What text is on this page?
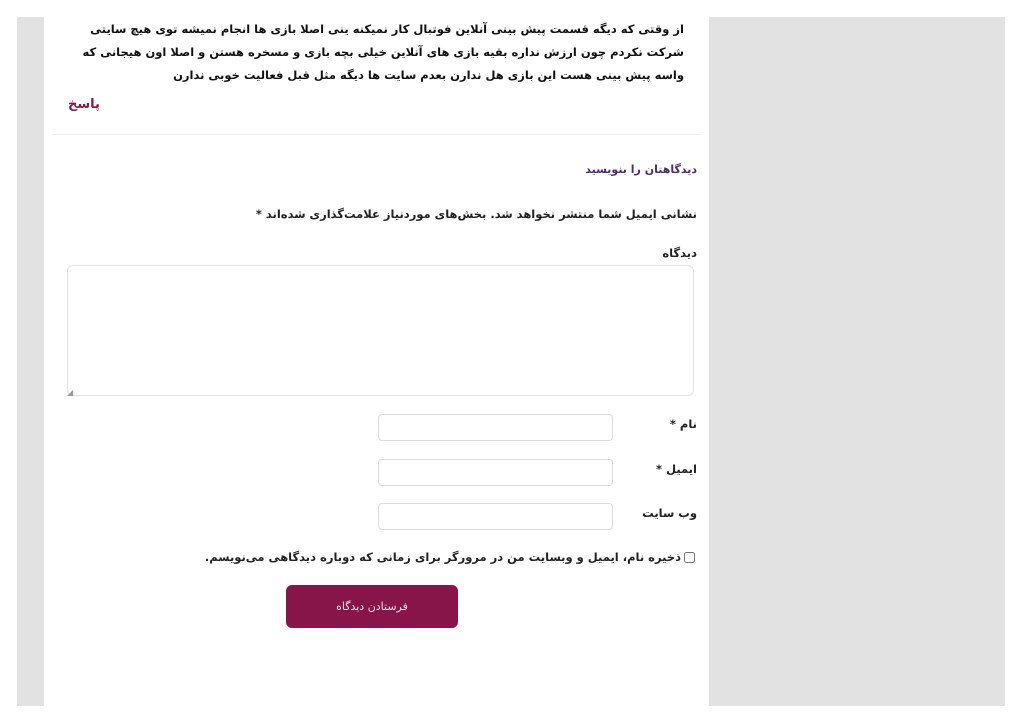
از وقتی که دیگه قسمت پیش بینی آنلاین فوتبال کار نمیکنه ینی اصلا بازی ها انجام نمیشه توی هیچ سایتی شرکت نکردم چون ارزش نداره بقیه بازی های آنلاین خیلی بچه بازی و مسخره هستن و اصلا اون هیجانی که واسه پیش بینی هست این بازی هل ندارن بعدم سایت ها دیگه مثل قبل فعالیت خوبی ندارن

پاسخ
دیدگاهتان را بنویسید

نشانی ایمیل شما منتشر نخواهد شد. بخش‌های موردنیاز علامت‌گذاری شده‌اند *

دیدگاه
◢
نام *
ایمیل *
وب سایت
ذخیره نام، ایمیل و وبسایت من در مرورگر برای زمانی که دوباره دیدگاهی می‌نویسم.
فرستادن دیدگاه
